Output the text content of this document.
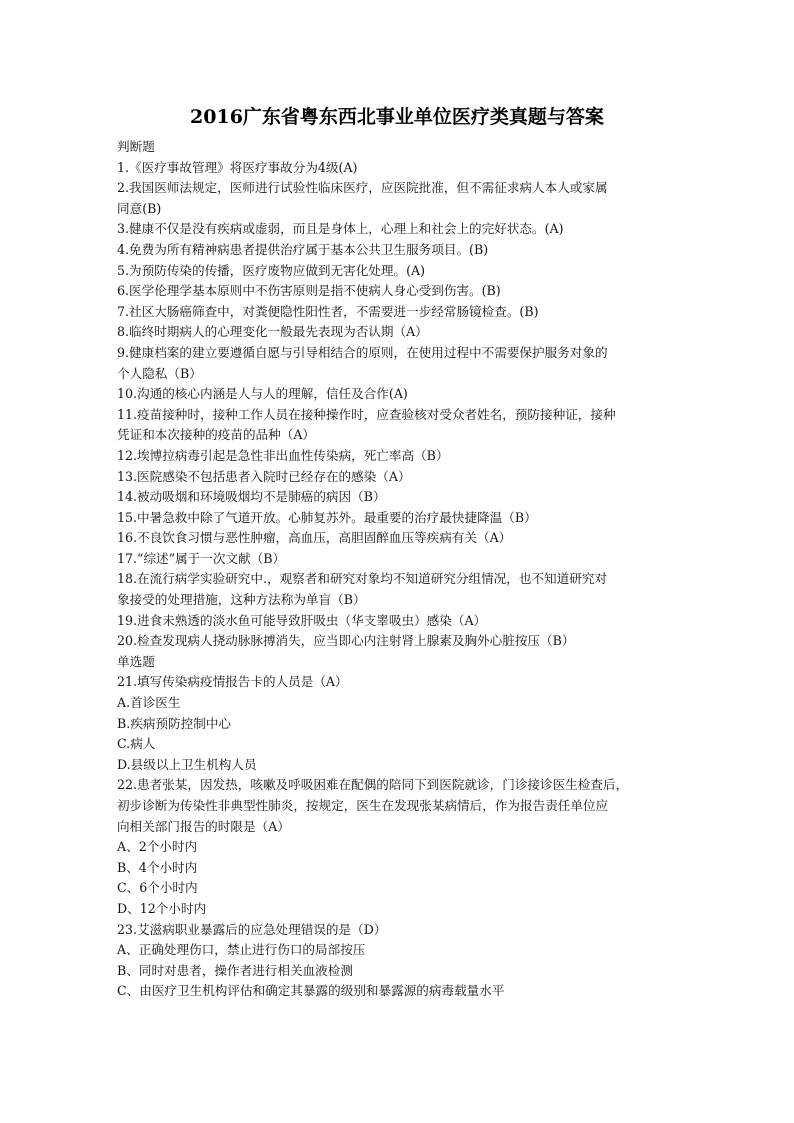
2016广东省粤东西北事业单位医疗类真题与答案

判断题

1.《医疗事故管理》将医疗事故分为4级(A)

2.我国医师法规定，医师进行试验性临床医疗，应医院批准，但不需征求病人本人或家属

同意(B)

3.健康不仅是没有疾病或虚弱，而且是身体上，心理上和社会上的完好状态。(A)

4.免费为所有精神病患者提供治疗属于基本公共卫生服务项目。(B)

5.为预防传染的传播，医疗废物应做到无害化处理。(A)

6.医学伦理学基本原则中不伤害原则是指不使病人身心受到伤害。(B)

7.社区大肠癌筛查中，对粪便隐性阳性者，不需要进一步经常肠镜检查。(B)

8.临终时期病人的心理变化一般最先表现为否认期（A）

9.健康档案的建立要遵循自愿与引导相结合的原则，在使用过程中不需要保护服务对象的

个人隐私（B）

10.沟通的核心内涵是人与人的理解，信任及合作(A)

11.疫苗接种时，接种工作人员在接种操作时，应查验核对受众者姓名，预防接种证，接种

凭证和本次接种的疫苗的品种（A）

12.埃博拉病毒引起是急性非出血性传染病，死亡率高（B）

13.医院感染不包括患者入院时已经存在的感染（A）

14.被动吸烟和环境吸烟均不是肺癌的病因（B）

15.中暑急救中除了气道开放。心肺复苏外。最重要的治疗最快捷降温（B）

16.不良饮食习惯与恶性肿瘤，高血压，高胆固醉血压等疾病有关（A）

17.“综述”属于一次文献（B）

18.在流行病学实验研究中.，观察者和研究对象均不知道研究分组情况，也不知道研究对

象接受的处理措施，这种方法称为单盲（B）

19.进食未熟透的淡水鱼可能导致肝吸虫（华支睾吸虫）感染（A）

20.检查发现病人挠动脉脉搏消失，应当即心内注射肾上腺素及胸外心脏按压（B）

单选题

21.填写传染病疫情报告卡的人员是（A）

A.首诊医生

B.疾病预防控制中心

C.病人

D.县级以上卫生机构人员

22.患者张某，因发热，咳嗽及呼吸困难在配偶的陪同下到医院就诊，门诊接诊医生检查后，

初步诊断为传染性非典型性肺炎，按规定，医生在发现张某病情后，作为报告责任单位应

向相关部门报告的时限是（A）

A、2个小时内

B、4个小时内

C、6个小时内

D、12个小时内

23.艾滋病职业暴露后的应急处理错误的是（D）

A、正确处理伤口，禁止进行伤口的局部按压

B、同时对患者，操作者进行相关血液检测

C、由医疗卫生机构评估和确定其暴露的级别和暴露源的病毒载量水平
